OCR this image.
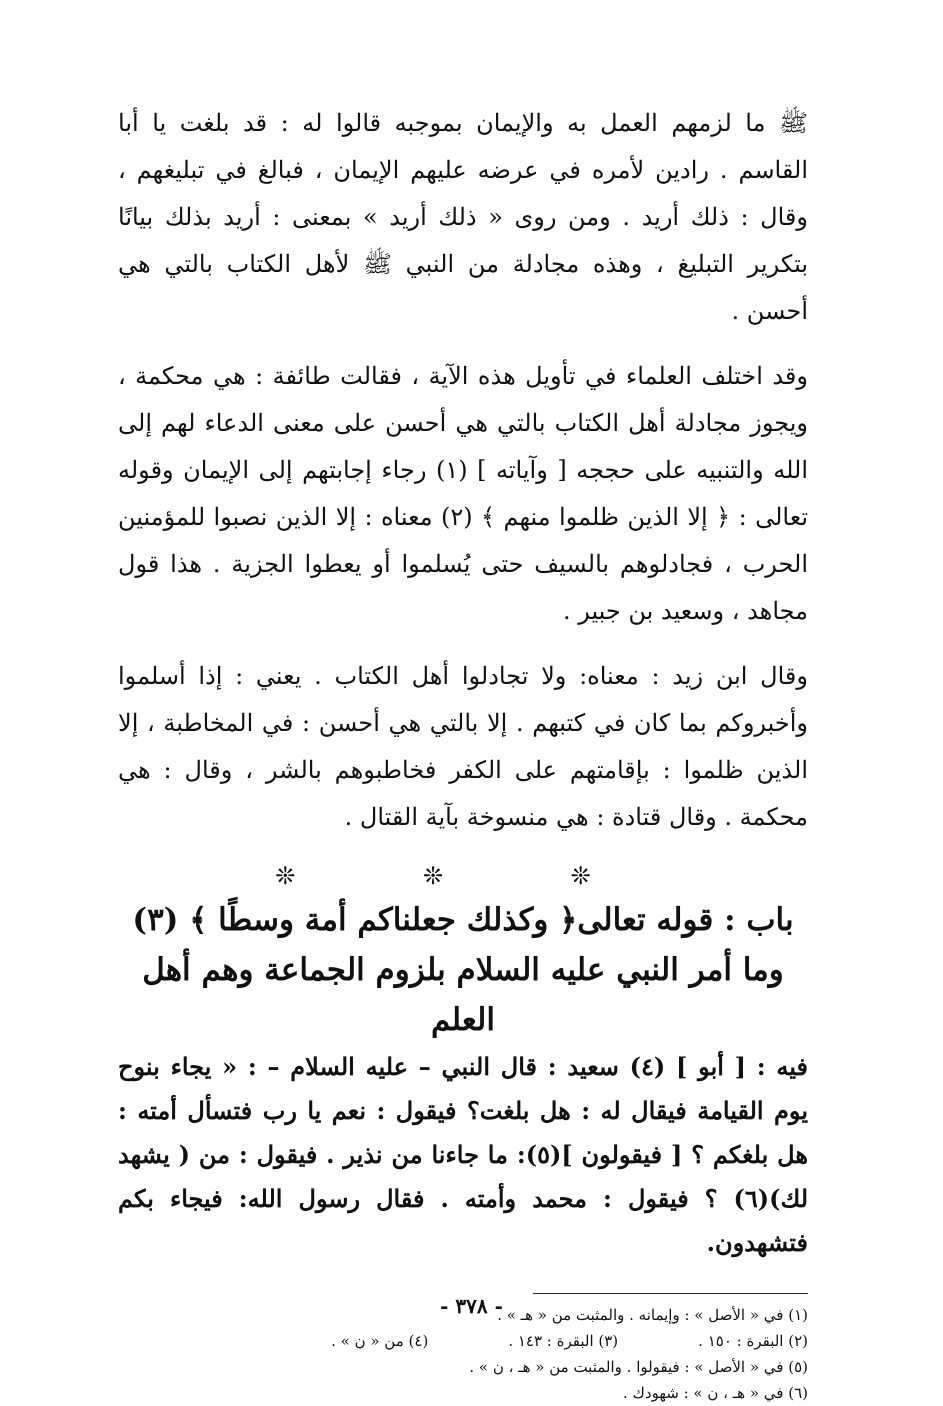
ﷺ ما لزمهم العمل به والإيمان بموجبه قالوا له : قد بلغت يا أبا القاسم . رادين لأمره في عرضه عليهم الإيمان ، فبالغ في تبليغهم ، وقال : ذلك أريد . ومن روى « ذلك أريد » بمعنى : أريد بذلك بيانًا بتكرير التبليغ ، وهذه مجادلة من النبي ﷺ لأهل الكتاب بالتي هي أحسن .

وقد اختلف العلماء في تأويل هذه الآية ، فقالت طائفة : هي محكمة ، ويجوز مجادلة أهل الكتاب بالتي هي أحسن على معنى الدعاء لهم إلى الله والتنبيه على حججه [ وآياته ] (١) رجاء إجابتهم إلى الإيمان وقوله تعالى : ﴿ إلا الذين ظلموا منهم ﴾ (٢) معناه : إلا الذين نصبوا للمؤمنين الحرب ، فجادلوهم بالسيف حتى يُسلموا أو يعطوا الجزية . هذا قول مجاهد ، وسعيد بن جبير .

وقال ابن زيد : معناه: ولا تجادلوا أهل الكتاب . يعني : إذا أسلموا وأخبروكم بما كان في كتبهم . إلا بالتي هي أحسن : في المخاطبة ، إلا الذين ظلموا : بإقامتهم على الكفر فخاطبوهم بالشر ، وقال : هي محكمة . وقال قتادة : هي منسوخة بآية القتال .

❊ ❊ ❊
باب : قوله تعالى﴿ وكذلك جعلناكم أمة وسطًا ﴾ (٣)
وما أمر النبي عليه السلام بلزوم الجماعة وهم أهل العلم

فيه : [ أبو ] (٤) سعيد : قال النبي – عليه السلام – : « يجاء بنوح يوم القيامة فيقال له : هل بلغت؟ فيقول : نعم يا رب فتسأل أمته : هل بلغكم ؟ [ فيقولون ](٥): ما جاءنا من نذير . فيقول : من ( يشهد لك)(٦) ؟ فيقول : محمد وأمته . فقال رسول الله: فيجاء بكم فتشهدون.

(١) في « الأصل » : وإيمانه . والمثبت من « هـ » .
(٢) البقرة : ١٥٠ .
(٣) البقرة : ١٤٣ .
(٤) من « ن » .
(٥) في « الأصل » : فيقولوا . والمثبت من « هـ ، ن » .
(٦) في « هـ ، ن » : شهودك .
- ٣٧٨ -
